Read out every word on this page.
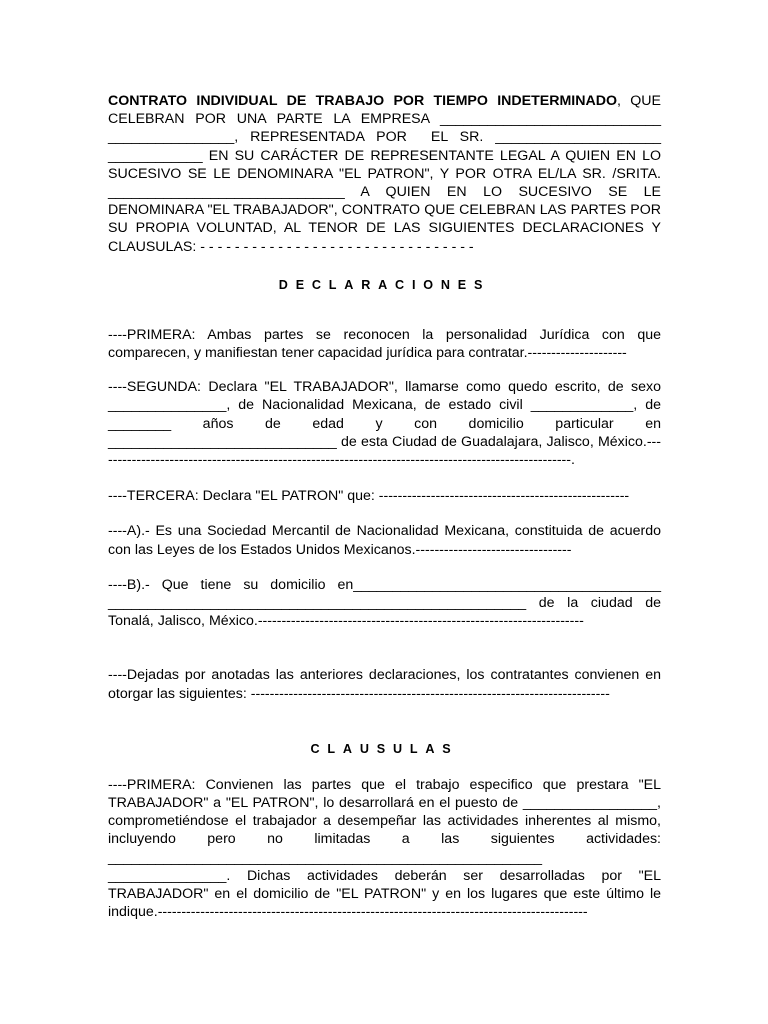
CONTRATO INDIVIDUAL DE TRABAJO POR TIEMPO INDETERMINADO, QUE CELEBRAN POR UNA PARTE LA EMPRESA ____________________________ ________________, REPRESENTADA POR  EL SR. _____________________ ____________ EN SU CARÁCTER DE REPRESENTANTE LEGAL A QUIEN EN LO SUCESIVO SE LE DENOMINARA "EL PATRON", Y POR OTRA EL/LA SR. /SRITA. ______________________________ A QUIEN EN LO SUCESIVO SE LE DENOMINARA "EL TRABAJADOR", CONTRATO QUE CELEBRAN LAS PARTES POR SU PROPIA VOLUNTAD, AL TENOR DE LAS SIGUIENTES DECLARACIONES Y CLAUSULAS: - - - - - - - - - - - - - - - - - - - - - - - - - - - - - - - -

DECLARACIONES

----PRIMERA: Ambas partes se reconocen la personalidad Jurídica con que comparecen, y manifiestan tener capacidad jurídica para contratar.---------------------

----SEGUNDA: Declara "EL TRABAJADOR", llamarse como quedo escrito, de sexo _______________, de Nacionalidad Mexicana, de estado civil _____________, de ________ años de edad y con domicilio particular en _____________________________ de esta Ciudad de Guadalajara, Jalisco, México.-----------------------------------------------------------------------------------------------------.

----TERCERA: Declara "EL PATRON" que: -----------------------------------------------------

----A).- Es una Sociedad Mercantil de Nacionalidad Mexicana, constituida de acuerdo con las Leyes de los Estados Unidos Mexicanos.---------------------------------

----B).- Que tiene su domicilio en_______________________________________ _____________________________________________________ de la ciudad de Tonalá, Jalisco, México.---------------------------------------------------------------------

----Dejadas por anotadas las anteriores declaraciones, los contratantes convienen en otorgar las siguientes: ----------------------------------------------------------------------------

CLAUSULAS

----PRIMERA: Convienen las partes que el trabajo especifico que prestara "EL TRABAJADOR" a "EL PATRON", lo desarrollará en el puesto de _________________, comprometiéndose el trabajador a desempeñar las actividades inherentes al mismo, incluyendo pero no limitadas a las siguientes actividades: _______________________________________________________ _______________. Dichas actividades deberán ser desarrolladas por "EL TRABAJADOR" en el domicilio de "EL PATRON" y en los lugares que este último le indique.-------------------------------------------------------------------------------------------
